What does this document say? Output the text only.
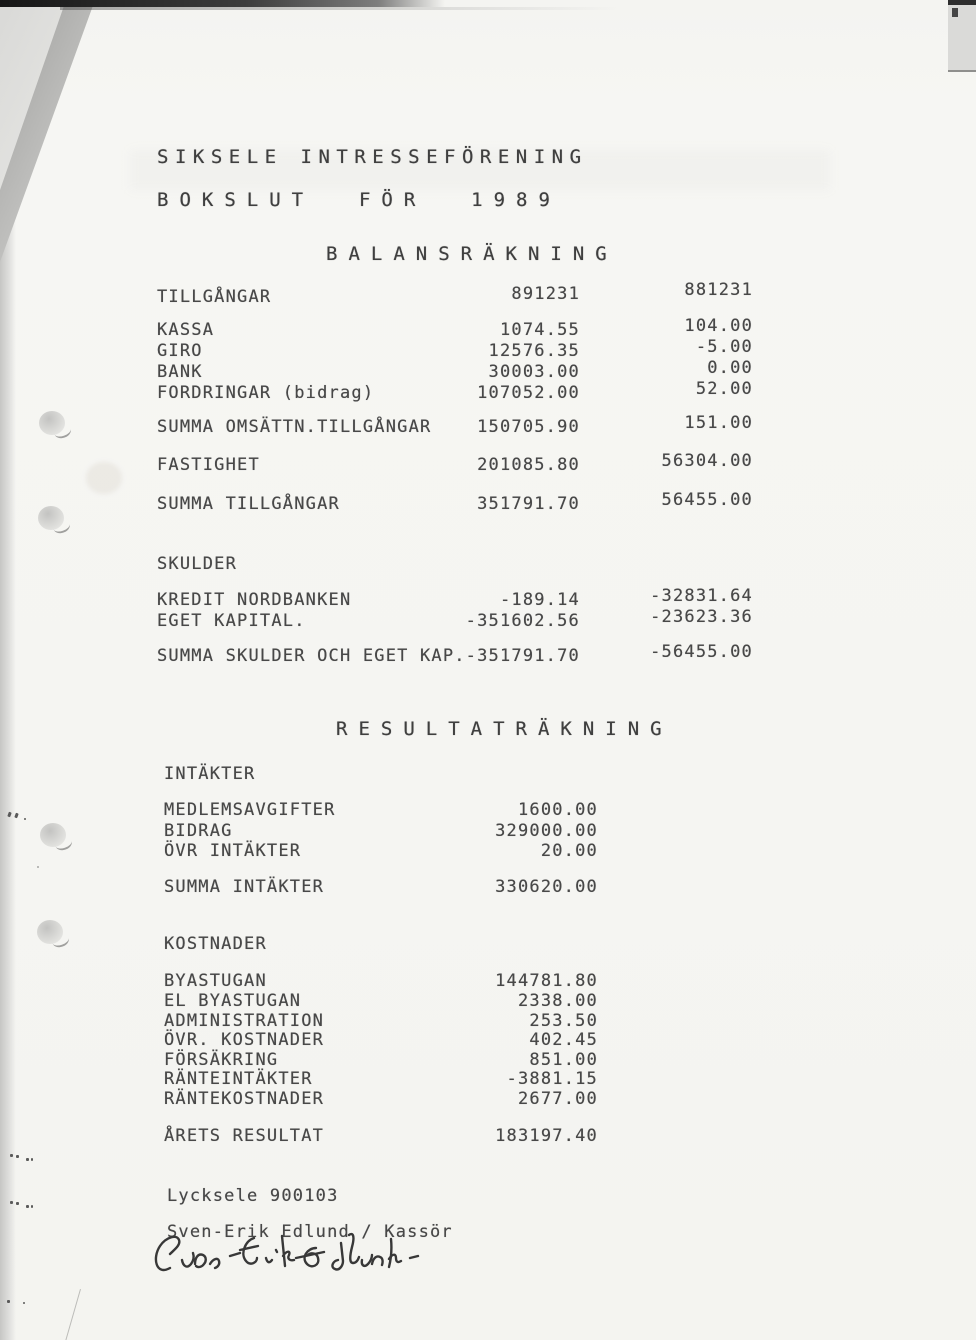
SIKSELE INTRESSEFÖRENING
BOKSLUT  FÖR  1989
BALANSRÄKNING
TILLGÅNGAR	891231	881231
KASSA	1074.55	104.00
GIRO	12576.35	-5.00
BANK	30003.00	0.00
FORDRINGAR (bidrag)	107052.00	52.00
SUMMA OMSÄTTN.TILLGÅNGAR	150705.90	151.00
FASTIGHET	201085.80	56304.00
SUMMA TILLGÅNGAR	351791.70	56455.00
SKULDER
KREDIT NORDBANKEN	-189.14	-32831.64
EGET KAPITAL.	-351602.56	-23623.36
SUMMA SKULDER OCH EGET KAP. -351791.70	-56455.00
RESULTATRÄKNING
INTÄKTER
MEDLEMSAVGIFTER	1600.00
BIDRAG	329000.00
ÖVR INTÄKTER	20.00
SUMMA INTÄKTER	330620.00
KOSTNADER
BYASTUGAN	144781.80
EL BYASTUGAN	2338.00
ADMINISTRATION	253.50
ÖVR. KOSTNADER	402.45
FÖRSÄKRING	851.00
RÄNTEINTÄKTER	-3881.15
RÄNTEKOSTNADER	2677.00
ÅRETS RESULTAT	183197.40
Lycksele 900103
Sven-Erik Edlund / Kassör
